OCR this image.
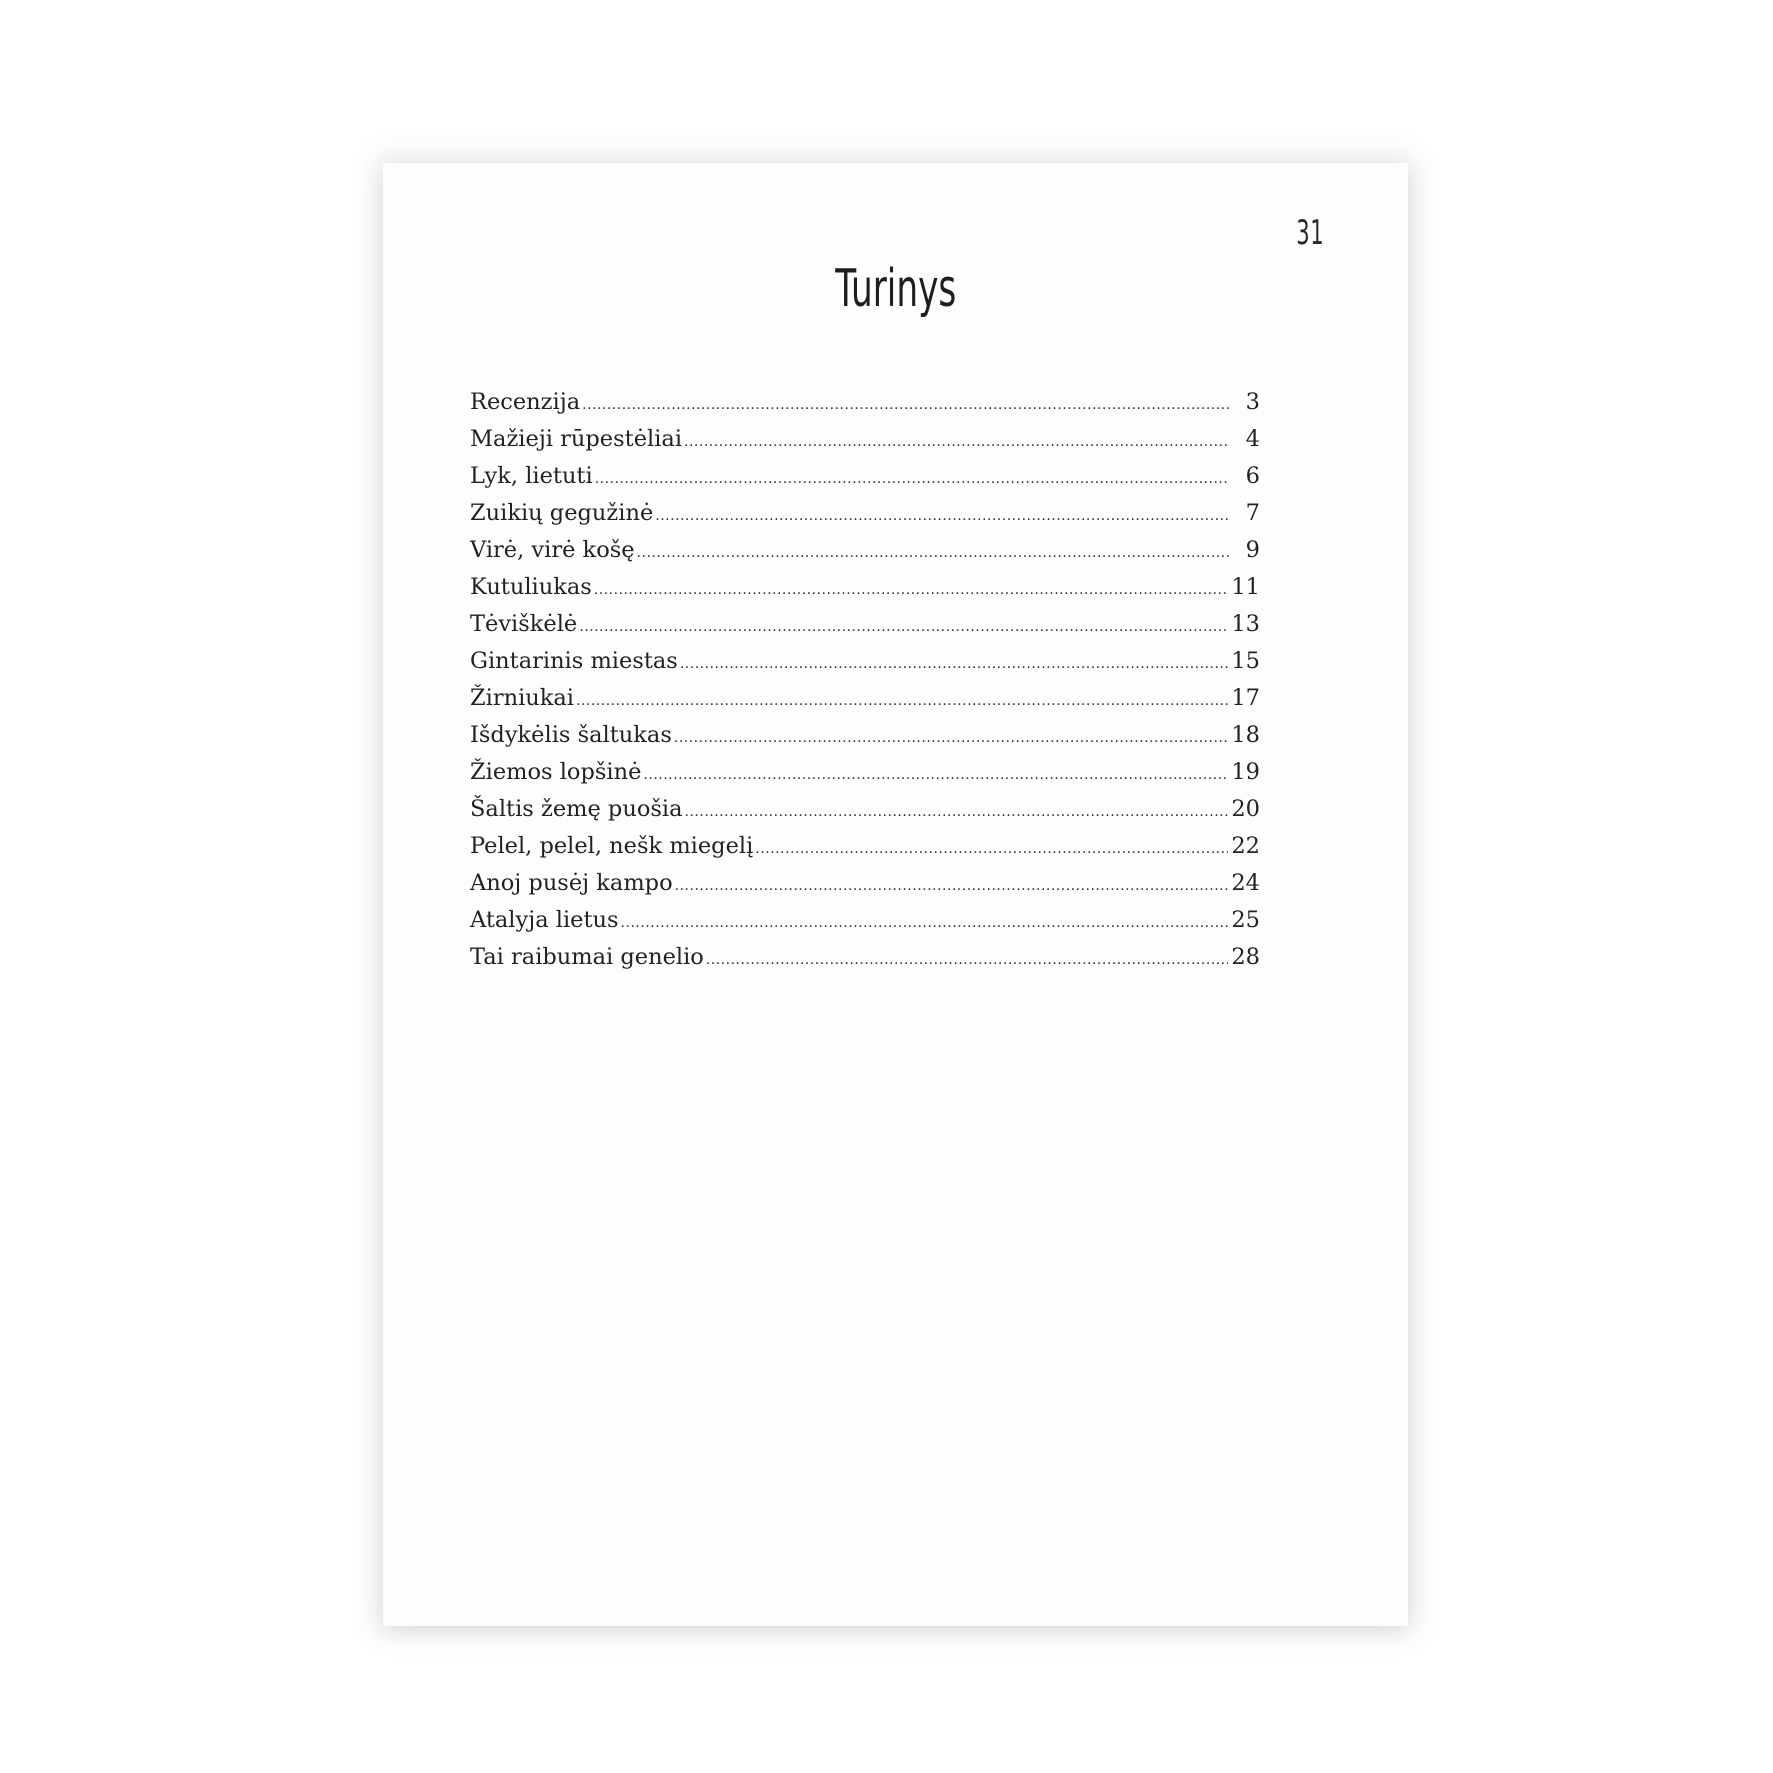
31
Turinys
Recenzija .....	3
Mažieji rūpestėliai .....	4
Lyk, lietuti .....	6
Zuikių gegužinė .....	7
Virė, virė košę .....	9
Kutuliukas .....	11
Tėviškėlė .....	13
Gintarinis miestas .....	15
Žirniukai .....	17
Išdykėlis šaltukas .....	18
Žiemos lopšinė .....	19
Šaltis žemę puošia .....	20
Pelel, pelel, nešk miegelį .....	22
Anoj pusėj kampo .....	24
Atalyja lietus .....	25
Tai raibumai genelio .....	28
